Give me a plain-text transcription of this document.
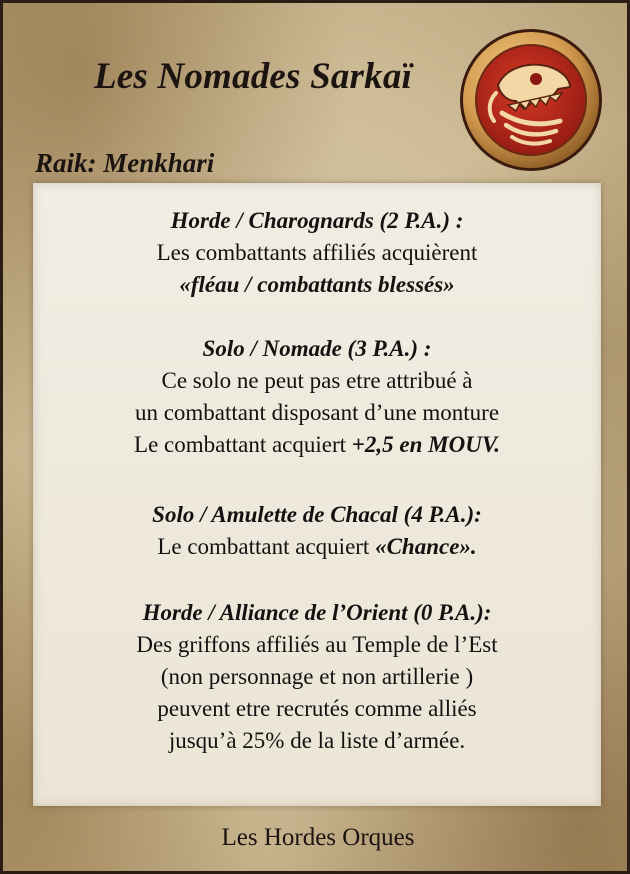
Les Nomades Sarkaï
Raik: Menkhari
Horde / Charognards (2 P.A.) :
Les combattants affiliés acquièrent
«fléau / combattants blessés»
Solo / Nomade (3 P.A.) :
Ce solo ne peut pas etre attribué à
un combattant disposant d’une monture
Le combattant acquiert +2,5 en MOUV.
Solo / Amulette de Chacal (4 P.A.):
Le combattant acquiert «Chance».
Horde / Alliance de l’Orient (0 P.A.):
Des griffons affiliés au Temple de l’Est
(non personnage et non artillerie )
peuvent etre recrutés comme alliés
jusqu’à 25% de la liste d’armée.
Les Hordes Orques
